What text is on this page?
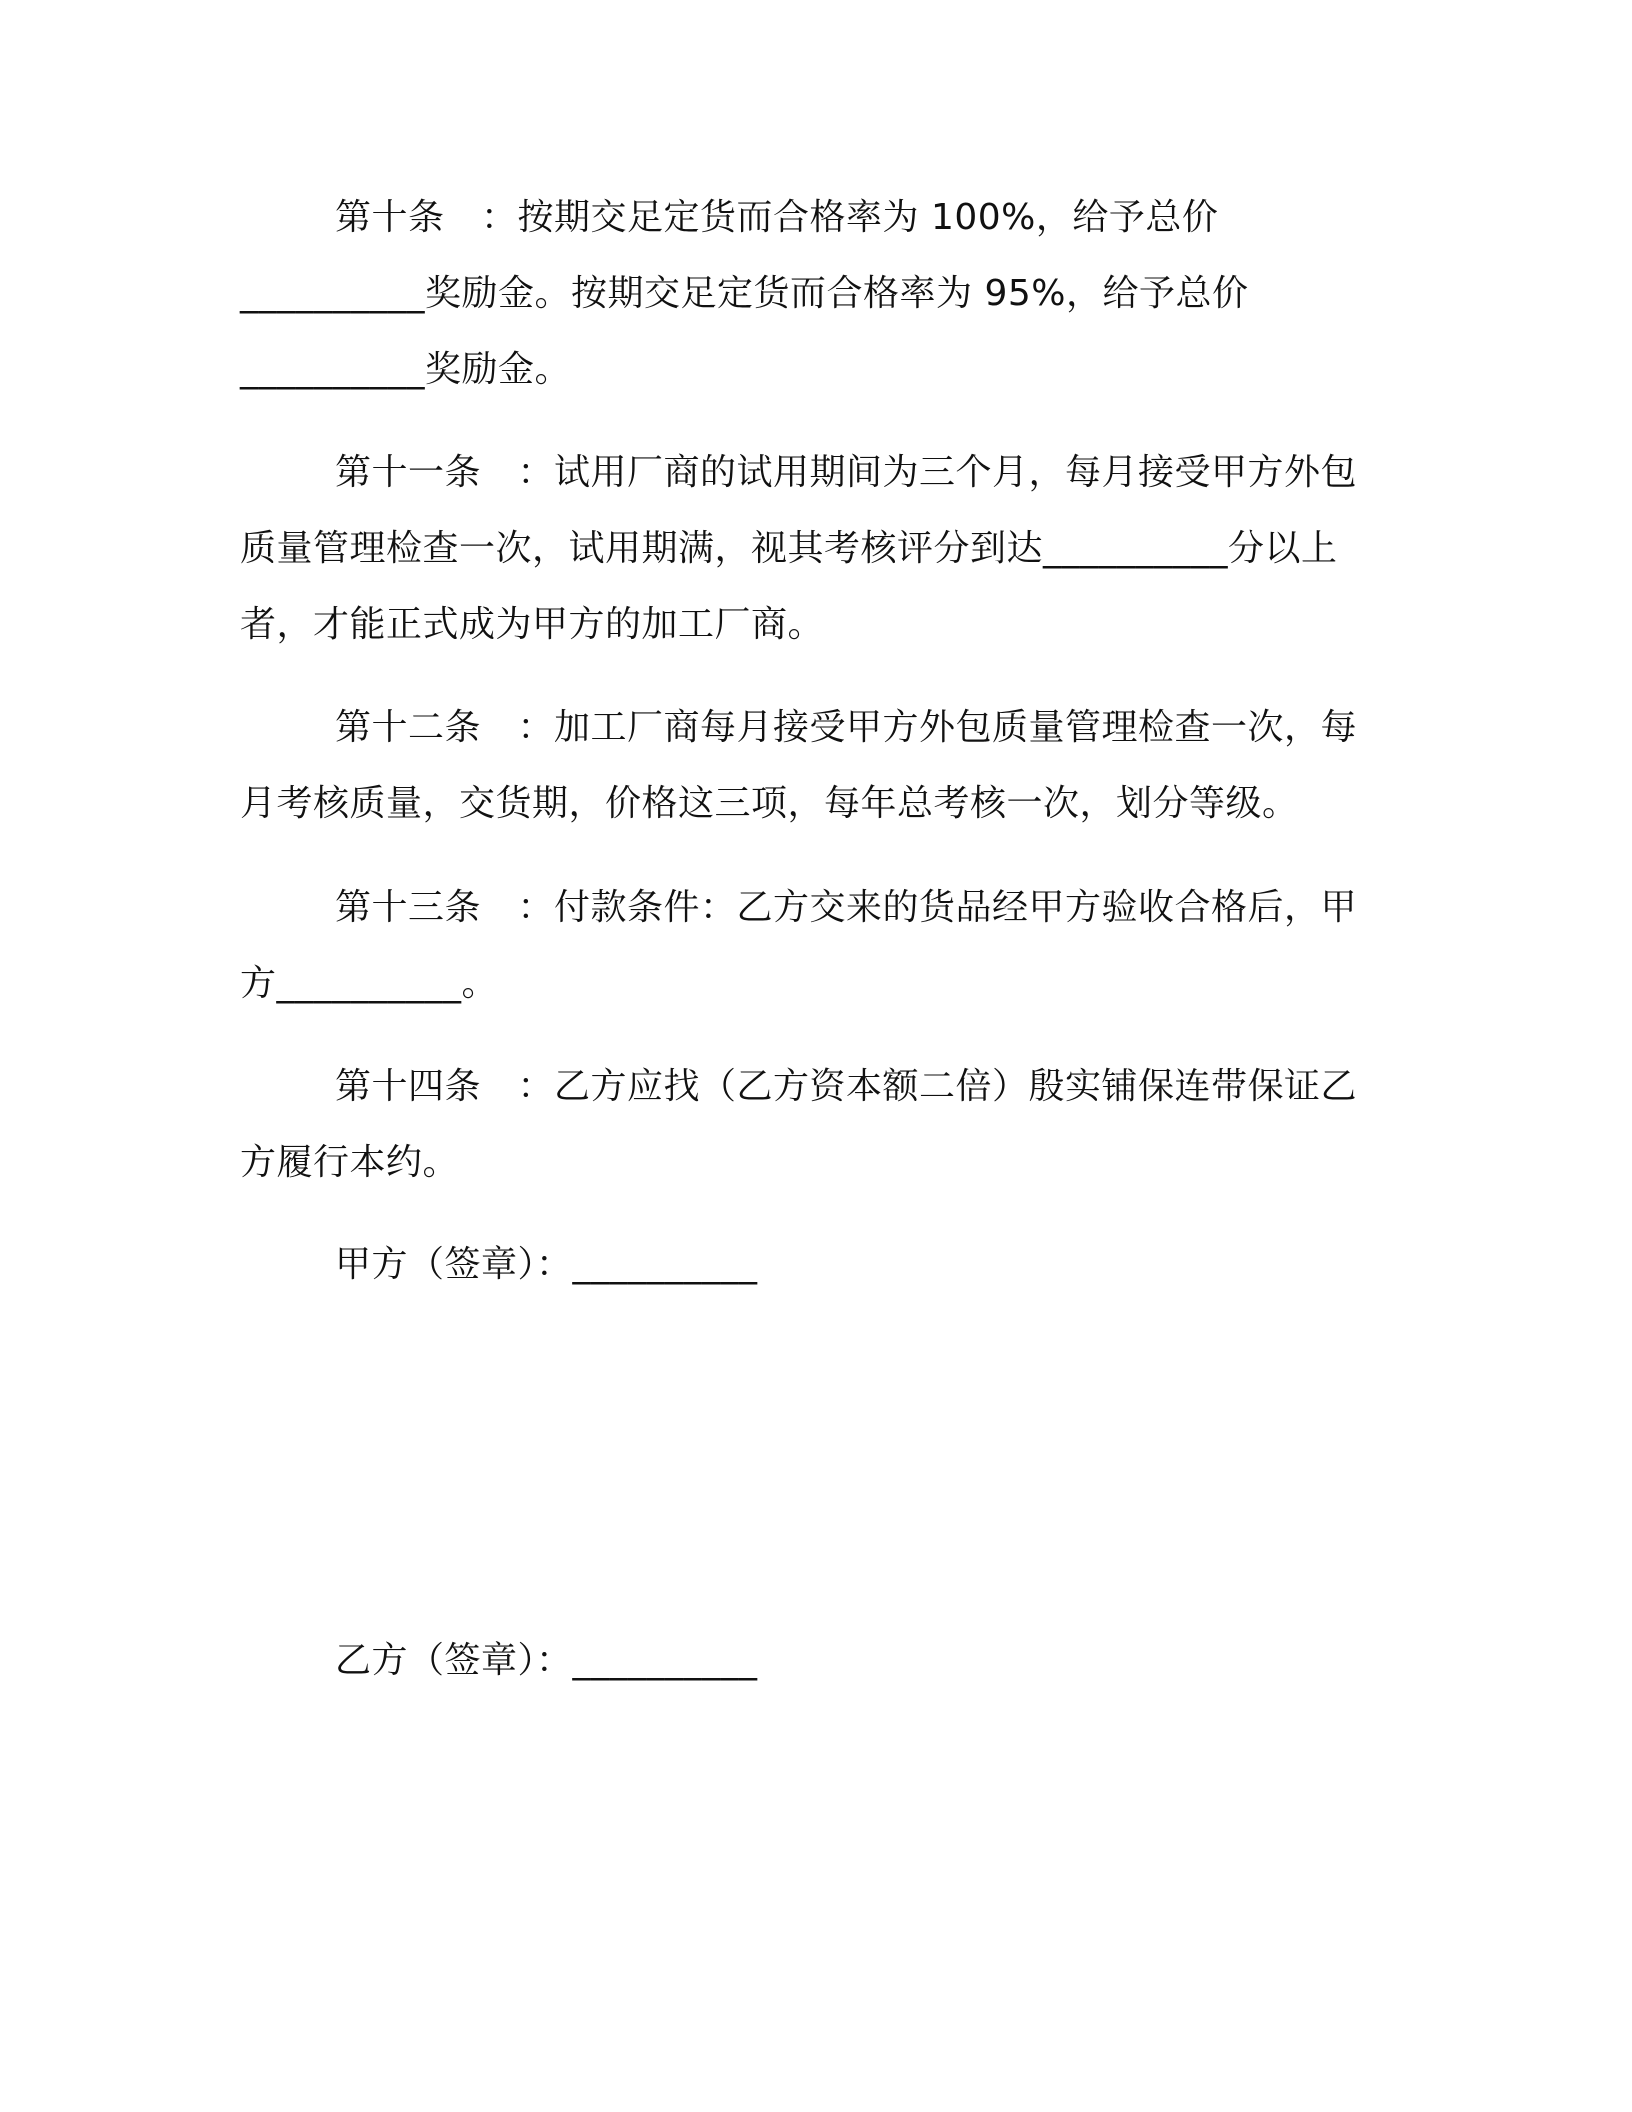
第十条　：按期交足定货而合格率为 100%，给予总价
__________奖励金。按期交足定货而合格率为 95%，给予总价
__________奖励金。
第十一条　：试用厂商的试用期间为三个月，每月接受甲方外包
质量管理检查一次，试用期满，视其考核评分到达__________分以上
者，才能正式成为甲方的加工厂商。
第十二条　：加工厂商每月接受甲方外包质量管理检查一次，每
月考核质量，交货期，价格这三项，每年总考核一次，划分等级。
第十三条　：付款条件：乙方交来的货品经甲方验收合格后，甲
方__________。
第十四条　：乙方应找（乙方资本额二倍）殷实铺保连带保证乙
方履行本约。
甲方（签章）：__________
乙方（签章）：__________
